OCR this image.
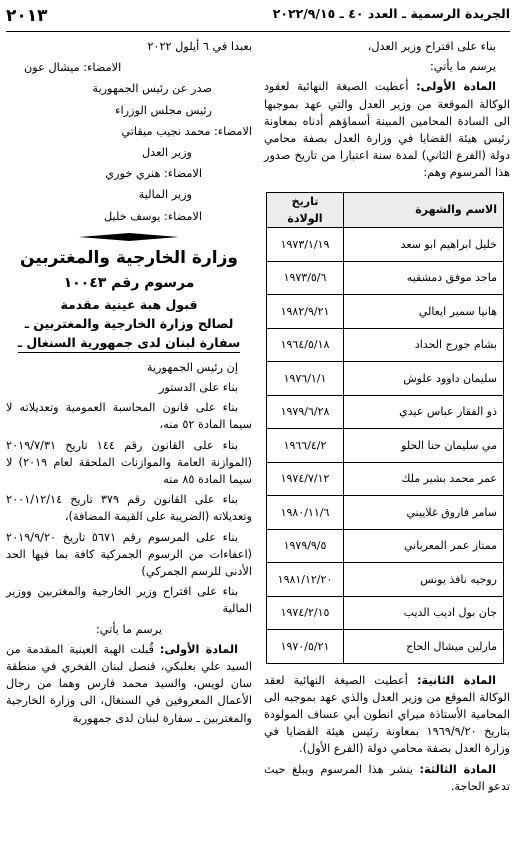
الجريدة الرسمية ـ العدد ٤٠ ـ ٢٠٢٢/٩/١٥
٢٠١٣

بناء على اقتراح وزير العدل،

يرسم ما يأتي:

المادة الأولى: أعطيت الصيغة النهائية لعقود الوكالة الموقعة من وزير العدل والتي عهد بموجبها الى السادة المحامين المبينة أسماؤهم أدناه بمعاونة رئيس هيئة القضايا في وزارة العدل بصفة محامي دولة (الفرع الثاني) لمدة سنة اعتبارا من تاريخ صدور هذا المرسوم وهم:

الاسم والشهرة	تاريخ الولادة
خليل ابراهيم ابو سعد	١٩٧٣/١/١٩
ماجد موفق دمشقيه	١٩٧٣/٥/٦
هانيا سمير ايعالي	١٩٨٢/٩/٢١
بشام جورج الحداد	١٩٦٤/٥/١٨
سليمان داوود علوش	١٩٧٦/١/١
ذو الفقار عباس عيدي	١٩٧٩/٦/٢٨
مي سليمان حنا الحلو	١٩٦٦/٤/٢
عمر محمد بشير ملك	١٩٧٤/٧/١٢
سامر فاروق غلاييني	١٩٨٠/١١/٦
ممتاز عمر المعرباني	١٩٧٩/٩/٥
روجيه نافذ يونس	١٩٨١/١٢/٢٠
جان بول اديب الديب	١٩٧٤/٢/١٥
مارلين ميشال الحاج	١٩٧٠/٥/٢١

المادة الثانية: أعطيت الصيغة النهائية لعقد الوكالة الموقع من وزير العدل والذي عهد بموجبه الى المحامية الأستاذة ميراي انطون أبي عساف المولودة بتاريخ ١٩٦٩/٩/٢٠ بمعاونة رئيس هيئة القضايا في وزارة العدل بصفة محامي دولة (الفرع الأول).

المادة الثالثة: ينشر هذا المرسوم ويبلغ حيث تدعو الحاجة.

بعبدا في ٦ أيلول ٢٠٢٢

الامضاء: ميشال عون

صدر عن رئيس الجمهورية

رئيس مجلس الوزراء

الامضاء: محمد نجيب ميقاتي

وزير العدل

الامضاء: هنري خوري

وزير المالية

الامضاء: يوسف خليل

وزارة الخارجية والمغتربين
مرسوم رقم ١٠٠٤٣
قبول هبة عينية مقدمة
لصالح وزارة الخارجية والمغتربين ـ
سفارة لبنان لدى جمهورية السنغال ـ

إن رئيس الجمهورية

بناء على الدستور

بناء على قانون المحاسبة العمومية وتعديلاته لا سيما المادة ٥٢ منه،

بناء على القانون رقم ١٤٤ تاريخ ٢٠١٩/٧/٣١ (الموازنة العامة والموازنات الملحقة لعام ٢٠١٩) لا سيما المادة ٨٥ منه

بناء على القانون رقم ٣٧٩ تاريخ ٢٠٠١/١٢/١٤ وتعديلاته (الضريبة على القيمة المضافة)،

بناء على المرسوم رقم ٥٦٧١ تاريخ ٢٠١٩/٩/٢٠ (اعفاءات من الرسوم الجمركية كافة بما فيها الحد الأدنى للرسم الجمركي)

بناء على اقتراح وزير الخارجية والمغتربين ووزير المالية

يرسم ما يأتي:

المادة الأولى: قُبلت الهبة العينية المقدمة من السيد علي بعلبكي، قنصل لبنان الفخري في منطقة سان لويس، والسيد محمد فارس وهما من رجال الأعمال المعروفين في السنغال، الى وزارة الخارجية والمغتربين ـ سفارة لبنان لدى جمهورية
